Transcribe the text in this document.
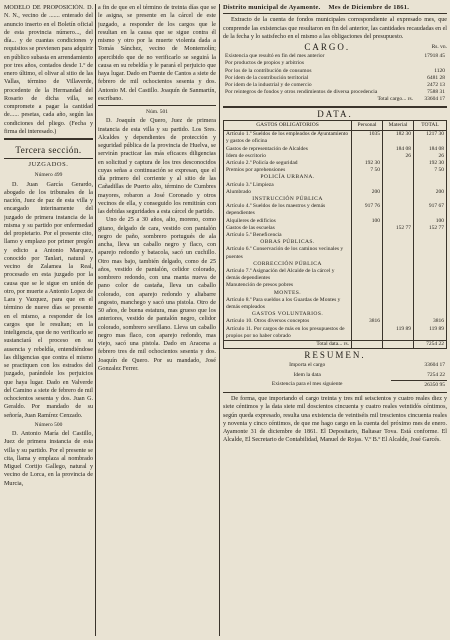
MODELO DE PROPOSICIÓN. D. N. N., vecino de ....... enterado del anuncio inserto en el Boletín oficial de esta provincia número..., del día... y de cuantas condiciones y requisitos se previenen para adquirir en público subasta en arrendamiento por tres años, contados desde 1.º de enero último, el olivar al sitio de las Vallas, término de Villaverde, procedente de la Hermandad del Rosario de dicha villa, se compromete a pagar la cantidad de...... pesetas, cada año, según las condiciones del pliego. (Fecha y firma del interesado.)

Tercera sección.
JUZGADOS.
Número 499

D. Juan García Gerardo, abogado de los tribunales de la nación, Juez de paz de esta villa y encargado interinamente del juzgado de primera instancia de la misma y su partido por enfermedad del propietario. Por el presente cito, llamo y emplazo por primer pregón y edicto a Antonio Marquez, conocido por Tanlari, natural y vecino de Zalamea la Real, procesado en esta juzgado por la causa que se le sigue en unión de otro, por muerte a Antonio Lopez de Lara y Vazquez, para que en el término de nueve días se presente en el mismo, a responder de los cargos que le resultan; en la inteligencia, que de no verificarlo se sustanciará el proceso en su ausencia y rebeldía, entendiéndose las diligencias que contra el mismo se practiquen con los estrados del juzgado, parándole los perjuicios que haya lugar. Dado en Valverde del Camino a siete de febrero de mil ochocientos sesenta y dos. Juan G. Geraldo. Por mandado de su señoría, Juan Ramírez Cenzado.

Número 500

D. Antonio María del Castillo, Juez de primera instancia de esta villa y su partido. Por el presente se cita, llama y emplaza al nombrado Miguel Cortijo Gallego, natural y vecino de Lorca, en la provincia de Murcia,

a fin de que en el término de treinta días que se le asigna, se presente en la cárcel de este juzgado, a responder de los cargos que le resultan en la causa que se sigue contra él mismo y otro por la muerte violenta dada a Tomás Sánchez, vecino de Montemolín; apercibido que de no verificarlo se seguirá la causa en su rebeldía y le parará el perjuicio que haya lugar. Dado en Fuente de Cantos a siete de febrero de mil ochocientos sesenta y dos. Antonio M. del Castillo. Joaquín de Sanmartín, escribano.

Núm. 501

D. Joaquín de Quero, Juez de primera instancia de esta villa y su partido. Los Sres. Alcaldes y dependientes de protección y seguridad pública de la provincia de Huelva, se servirán practicar las más eficaces diligencias en solicitud y captura de los tres desconocidos cuyas señas a continuación se expresan, que el día primero del corriente y al sitio de las Cañadillas de Puerto alto, término de Cumbres mayores, robaron a José Coronado y otros vecinos de ella, y conseguido los remitirán con las debidas seguridades a esta cárcel de partido.

Uno de 25 a 30 años, alto, moreno, como gitano, delgado de cara, vestido con pantalón negro de paño, sombrero portugués de ala ancha, lleva un caballo negro y flaco, con aparejo redondo y batacola, sacó un cuchillo. Otro mas bajo, también delgado, como de 25 años, vestido de pantalón, celidor colorado, sombrero redondo, con una manta nueva de pano color de castaña, lleva un caballo colorado, con aparejo redondo y aliabarre angosto, manchego y sacó una pistola. Otro de 50 años, de buena estatura, mas grueso que los anteriores, vestido de pantalón negro, celidor colorado, sombrero sevillano. Lleva un caballo negro mas flaco, con aparejo redondo, mas viejo, sacó una pistola. Dado en Aracena a febrero tres de mil ochocientos sesenta y dos. Joaquín de Quero. Por su mandado, José Gonzalez Ferrer.

Distrito municipal de Ayamonte. Mes de Diciembre de 1861.

Extracto de la cuenta de fondos municipales correspondiente al expresado mes, que comprende las existencias que resultaron en fin del anterior, las cantidades recaudadas en el de la fecha y lo satisfecho en el mismo a las obligaciones del presupuesto.

CARGO.	Rs. vn.
Existencia que resultó en fin del mes anterior	17918 45
Por productos de propios y arbitrios	
Por los de la contribución de consumos	1120
Por idem de la contribución territorial	6481 28
Por idem de la industrial y de comercio	2472 13
Por reintegros de fondos y otros rendimientos de diversa procedencia	7588 31
Total cargo... rs.	33604 17
DATA.
GASTOS OBLIGATORIOS	Personal	Material	TOTAL
Artículo 1.º Sueldos de los empleados de Ayuntamiento y gastos de oficina	1035	182 30	1217 30
Gastos de representación de Alcaldes		184 08	184 08
Idem de escritorio		26	26
Artículo 2.º Policía de seguridad	192 30		192 30
Premios por aprehensiones	7 50		7 50
POLICÍA URBANA.			
Artículo 3.º Limpieza			
Alumbrado	200		200
INSTRUCCIÓN PÚBLICA			
Artículo 4.º Sueldos de los maestros y demás dependientes	917 76		917 67
Alquileres de edificios	100		100
Gastos de las escuelas		152 77	152 77
Artículo 5.º Beneficencia			
OBRAS PÚBLICAS.			
Artículo 6.º Conservación de los caminos vecinales y puentes			
CORRECCIÓN PÚBLICA			
Artículo 7.º Asignación del Alcaide de la cárcel y demás dependientes			
Manutención de presos pobres			
MONTES.			
Artículo 8.º Para sueldos a los Guardas de Montes y demás empleados			
GASTOS VOLUNTARIOS.			
Artículo 10. Otros diversos conceptos	3816		3816
Artículo 11. Por cargos de más en los presupuestos de propios por no haber cobrado		119 89	119 89
Total data... rs.			7254 22
RESUMEN.
Importa el cargo	33604 17
Idem la data	7254 22
Existencia para el mes siguiente	26350 95

De forma, que importando el cargo treinta y tres mil seiscientos y cuatro reales diez y siete céntimos y la data siete mil doscientos cincuenta y cuatro reales veintidós céntimos, según queda expresado, resulta una existencia de veintiséis mil trescientos cincuenta reales y noventa y cinco céntimos, de que me hago cargo en la cuenta del próximo mes de enero. Ayamonte 31 de diciembre de 1861. El Depositario, Baltasar Tova. Está conforme. El Alcalde, El Secretario de Contabilidad, Manuel de Rojas. V.º B.º El Alcalde, José Garcés.
